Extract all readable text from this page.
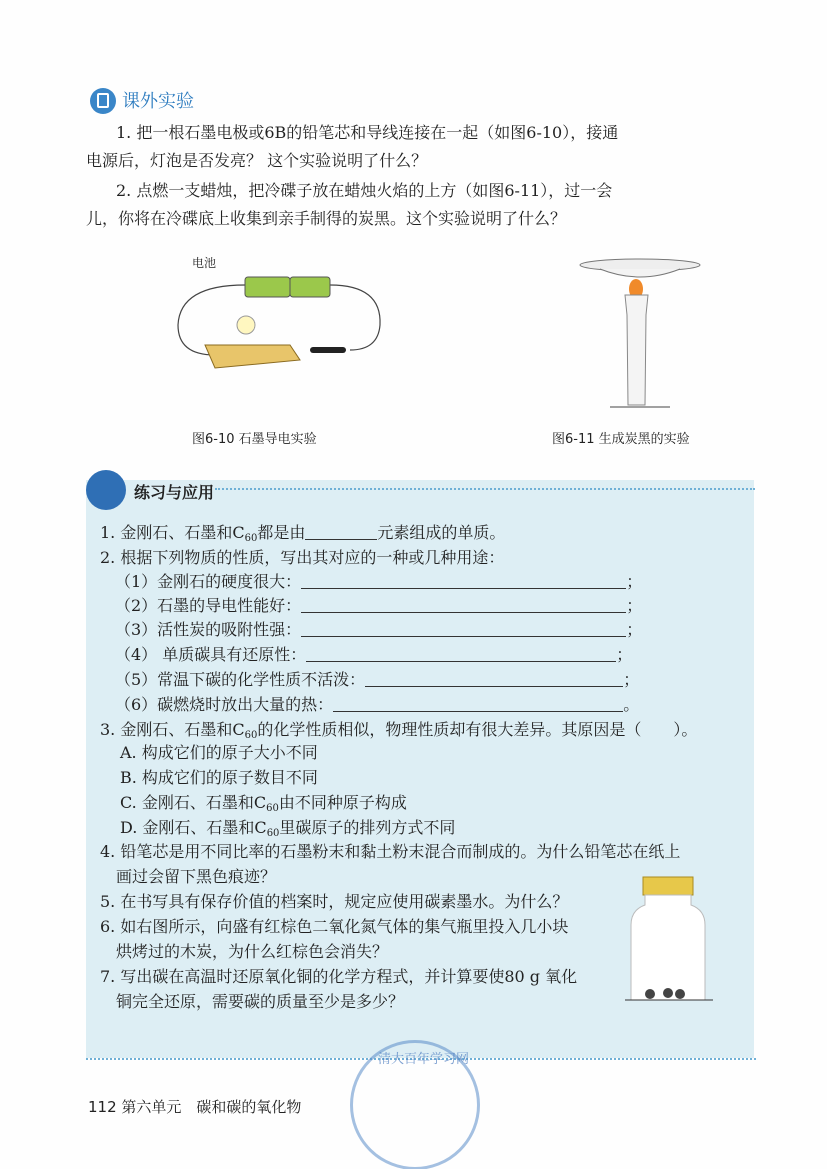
课外实验
1. 把一根石墨电极或6B的铅笔芯和导线连接在一起（如图6-10），接通
电源后，灯泡是否发亮？ 这个实验说明了什么？
2. 点燃一支蜡烛，把冷碟子放在蜡烛火焰的上方（如图6-11），过一会
儿，你将在冷碟底上收集到亲手制得的炭黑。这个实验说明了什么？
电池
图6-10 石墨导电实验	图6-11 生成炭黑的实验
练习与应用
1. 金刚石、石墨和$C_{60}$都是由	元素组成的单质。
2. 根据下列物质的性质，写出其对应的一种或几种用途：
（1）金刚石的硬度很大：	；
（2）石墨的导电性能好：	；
（3）活性炭的吸附性强：	；
（4） 单质碳具有还原性：	；
（5）常温下碳的化学性质不活泼：	；
（6）碳燃烧时放出大量的热：	。
3. 金刚石、石墨和$C_{60}$的化学性质相似，物理性质却有很大差异。其原因是（　　）。
A. 构成它们的原子大小不同
B. 构成它们的原子数目不同
C. 金刚石、石墨和$C_{60}$由不同种原子构成
D. 金刚石、石墨和$C_{60}$里碳原子的排列方式不同
4. 铅笔芯是用不同比率的石墨粉末和黏土粉末混合而制成的。为什么铅笔芯在纸上
画过会留下黑色痕迹？
5. 在书写具有保存价值的档案时，规定应使用碳素墨水。为什么？
6. 如右图所示，向盛有红棕色二氧化氮气体的集气瓶里投入几小块
烘烤过的木炭，为什么红棕色会消失？
7. 写出碳在高温时还原氧化铜的化学方程式，并计算要使80 g 氧化
铜完全还原，需要碳的质量至少是多少？
112 第六单元　碳和碳的氧化物
清大百年学习网
